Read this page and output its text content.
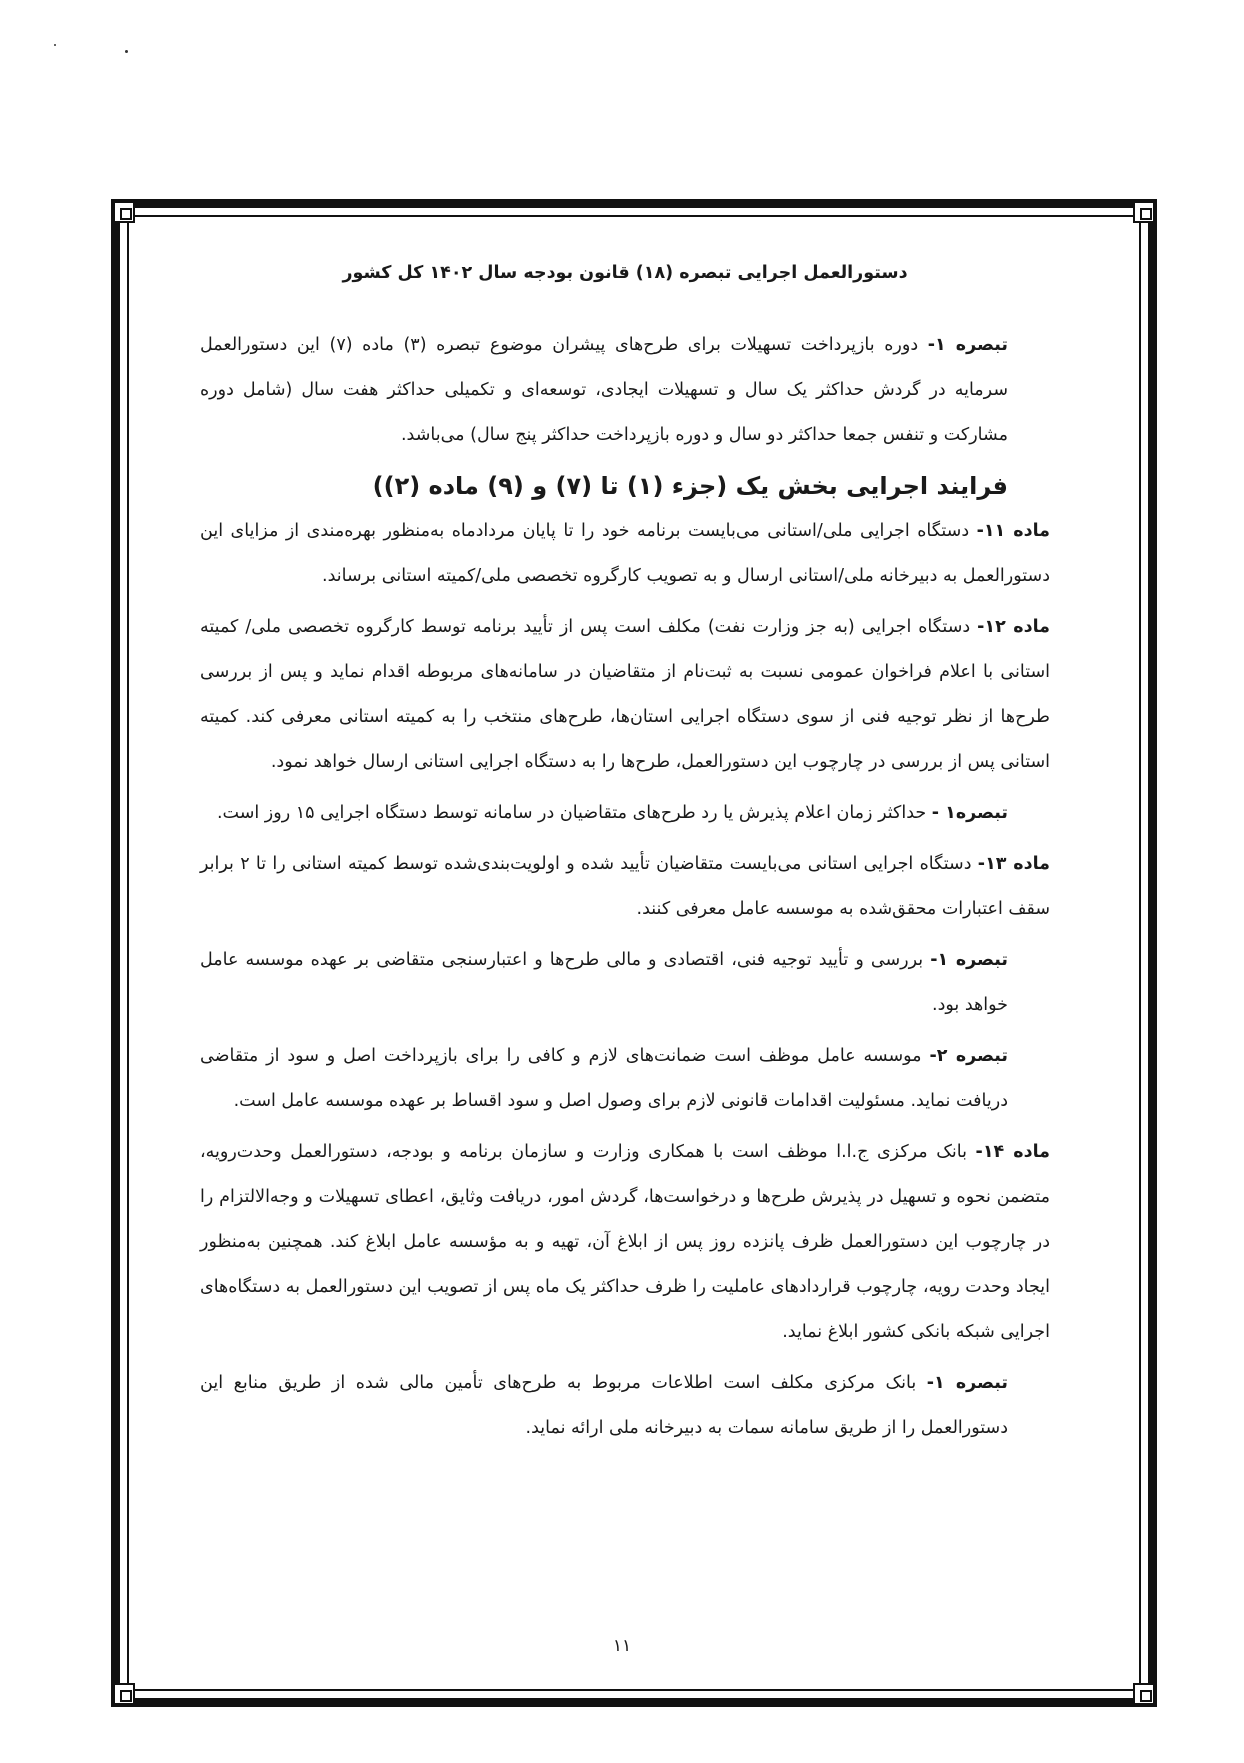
دستورالعمل اجرایی تبصره (۱۸) قانون بودجه سال ۱۴۰۲ کل کشور

تبصره ۱- دوره بازپرداخت تسهیلات برای طرح‌های پیشران موضوع تبصره (۳) ماده (۷) این دستورالعمل سرمایه در گردش حداکثر یک سال و تسهیلات ایجادی، توسعه‌ای و تکمیلی حداکثر هفت سال (شامل دوره مشارکت و تنفس جمعا حداکثر دو سال و دوره بازپرداخت حداکثر پنج سال) می‌باشد.

فرایند اجرایی بخش یک (جزء (۱) تا (۷) و (۹) ماده (۲))

ماده ۱۱- دستگاه اجرایی ملی/استانی می‌بایست برنامه خود را تا پایان مردادماه به‌منظور بهره‌مندی از مزایای این دستورالعمل به دبیرخانه ملی/استانی ارسال و به تصویب کارگروه تخصصی ملی/کمیته استانی برساند.

ماده ۱۲- دستگاه اجرایی (به جز وزارت نفت) مکلف است پس از تأیید برنامه توسط کارگروه تخصصی ملی/ کمیته استانی با اعلام فراخوان عمومی نسبت به ثبت‌نام از متقاضیان در سامانه‌های مربوطه اقدام نماید و پس از بررسی طرح‌ها از نظر توجیه فنی از سوی دستگاه اجرایی استان‌ها، طرح‌های منتخب را به کمیته استانی معرفی کند. کمیته استانی پس از بررسی در چارچوب این دستورالعمل، طرح‌ها را به دستگاه اجرایی استانی ارسال خواهد نمود.

تبصره۱ - حداکثر زمان اعلام پذیرش یا رد طرح‌های متقاضیان در سامانه توسط دستگاه اجرایی ۱۵ روز است.

ماده ۱۳- دستگاه اجرایی استانی می‌بایست متقاضیان تأیید شده و اولویت‌بندی‌شده توسط کمیته استانی را تا ۲ برابر سقف اعتبارات محقق‌شده به موسسه عامل معرفی کنند.

تبصره ۱- بررسی و تأیید توجیه فنی، اقتصادی و مالی طرح‌ها و اعتبارسنجی متقاضی بر عهده موسسه عامل خواهد بود.

تبصره ۲- موسسه عامل موظف است ضمانت‌های لازم و کافی را برای بازپرداخت اصل و سود از متقاضی دریافت نماید. مسئولیت اقدامات قانونی لازم برای وصول اصل و سود اقساط بر عهده موسسه عامل است.

ماده ۱۴- بانک مرکزی ج.ا.ا موظف است با همکاری وزارت و سازمان برنامه و بودجه، دستورالعمل وحدت‌رویه، متضمن نحوه و تسهیل در پذیرش طرح‌ها و درخواست‌ها، گردش امور، دریافت وثایق، اعطای تسهیلات و وجه‌الالتزام را در چارچوب این دستورالعمل ظرف پانزده روز پس از ابلاغ آن، تهیه و به مؤسسه عامل ابلاغ کند. همچنین به‌منظور ایجاد وحدت رویه، چارچوب قراردادهای عاملیت را ظرف حداکثر یک ماه پس از تصویب این دستورالعمل به دستگاه‌های اجرایی شبکه بانکی کشور ابلاغ نماید.

تبصره ۱- بانک مرکزی مکلف است اطلاعات مربوط به طرح‌های تأمین مالی شده از طریق منابع این دستورالعمل را از طریق سامانه سمات به دبیرخانه ملی ارائه نماید.

۱۱
